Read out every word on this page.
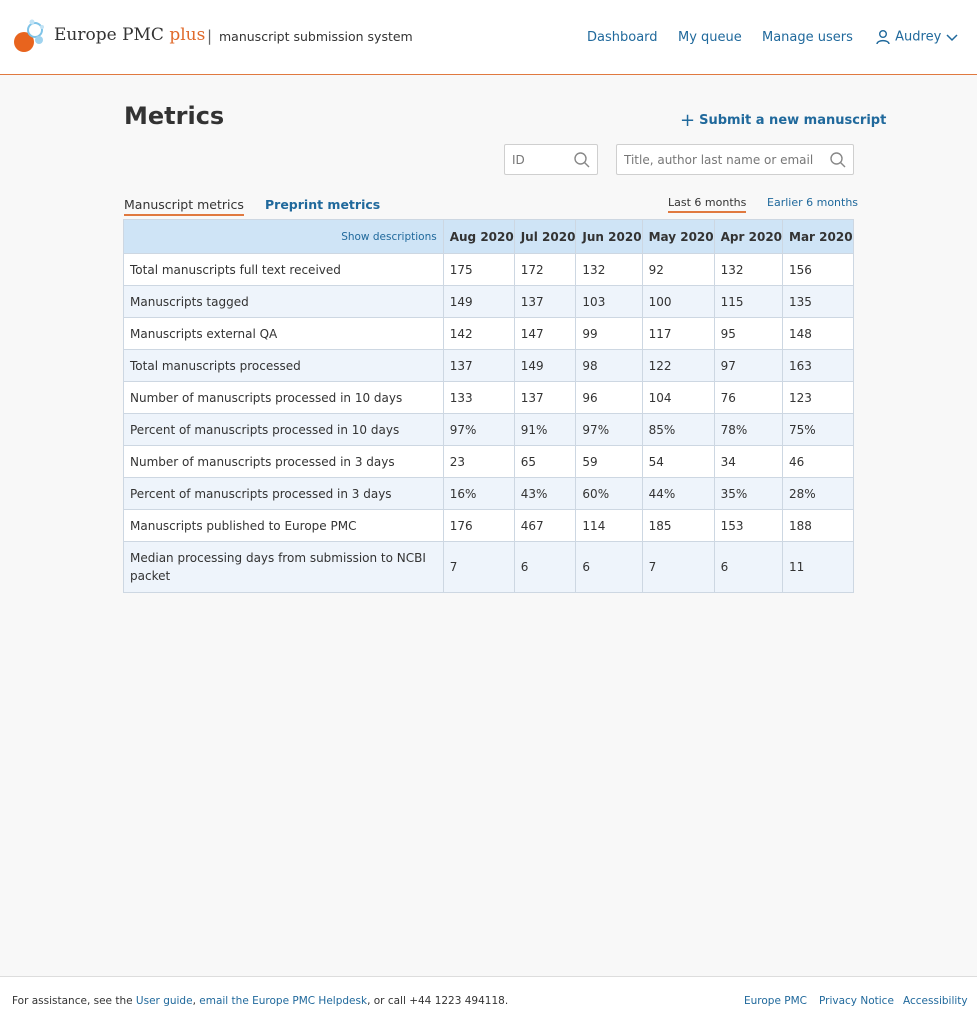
Europe PMC plus | manuscript submission system	Dashboard My queue Manage users	Audrey
Metrics	+ Submit a new manuscript
ID
Title, author last name or email
Manuscript metrics Preprint metrics	Last 6 months Earlier 6 months
Show descriptions	Aug 2020	Jul 2020	Jun 2020	May 2020	Apr 2020	Mar 2020
Total manuscripts full text received	175	172	132	92	132	156
Manuscripts tagged	149	137	103	100	115	135
Manuscripts external QA	142	147	99	117	95	148
Total manuscripts processed	137	149	98	122	97	163
Number of manuscripts processed in 10 days	133	137	96	104	76	123
Percent of manuscripts processed in 10 days	97%	91%	97%	85%	78%	75%
Number of manuscripts processed in 3 days	23	65	59	54	34	46
Percent of manuscripts processed in 3 days	16%	43%	60%	44%	35%	28%
Manuscripts published to Europe PMC	176	467	114	185	153	188
Median processing days from submission to NCBI packet	7	6	6	7	6	11
For assistance, see the User guide, email the Europe PMC Helpdesk, or call +44 1223 494118.	Europe PMC Privacy Notice Accessibility
